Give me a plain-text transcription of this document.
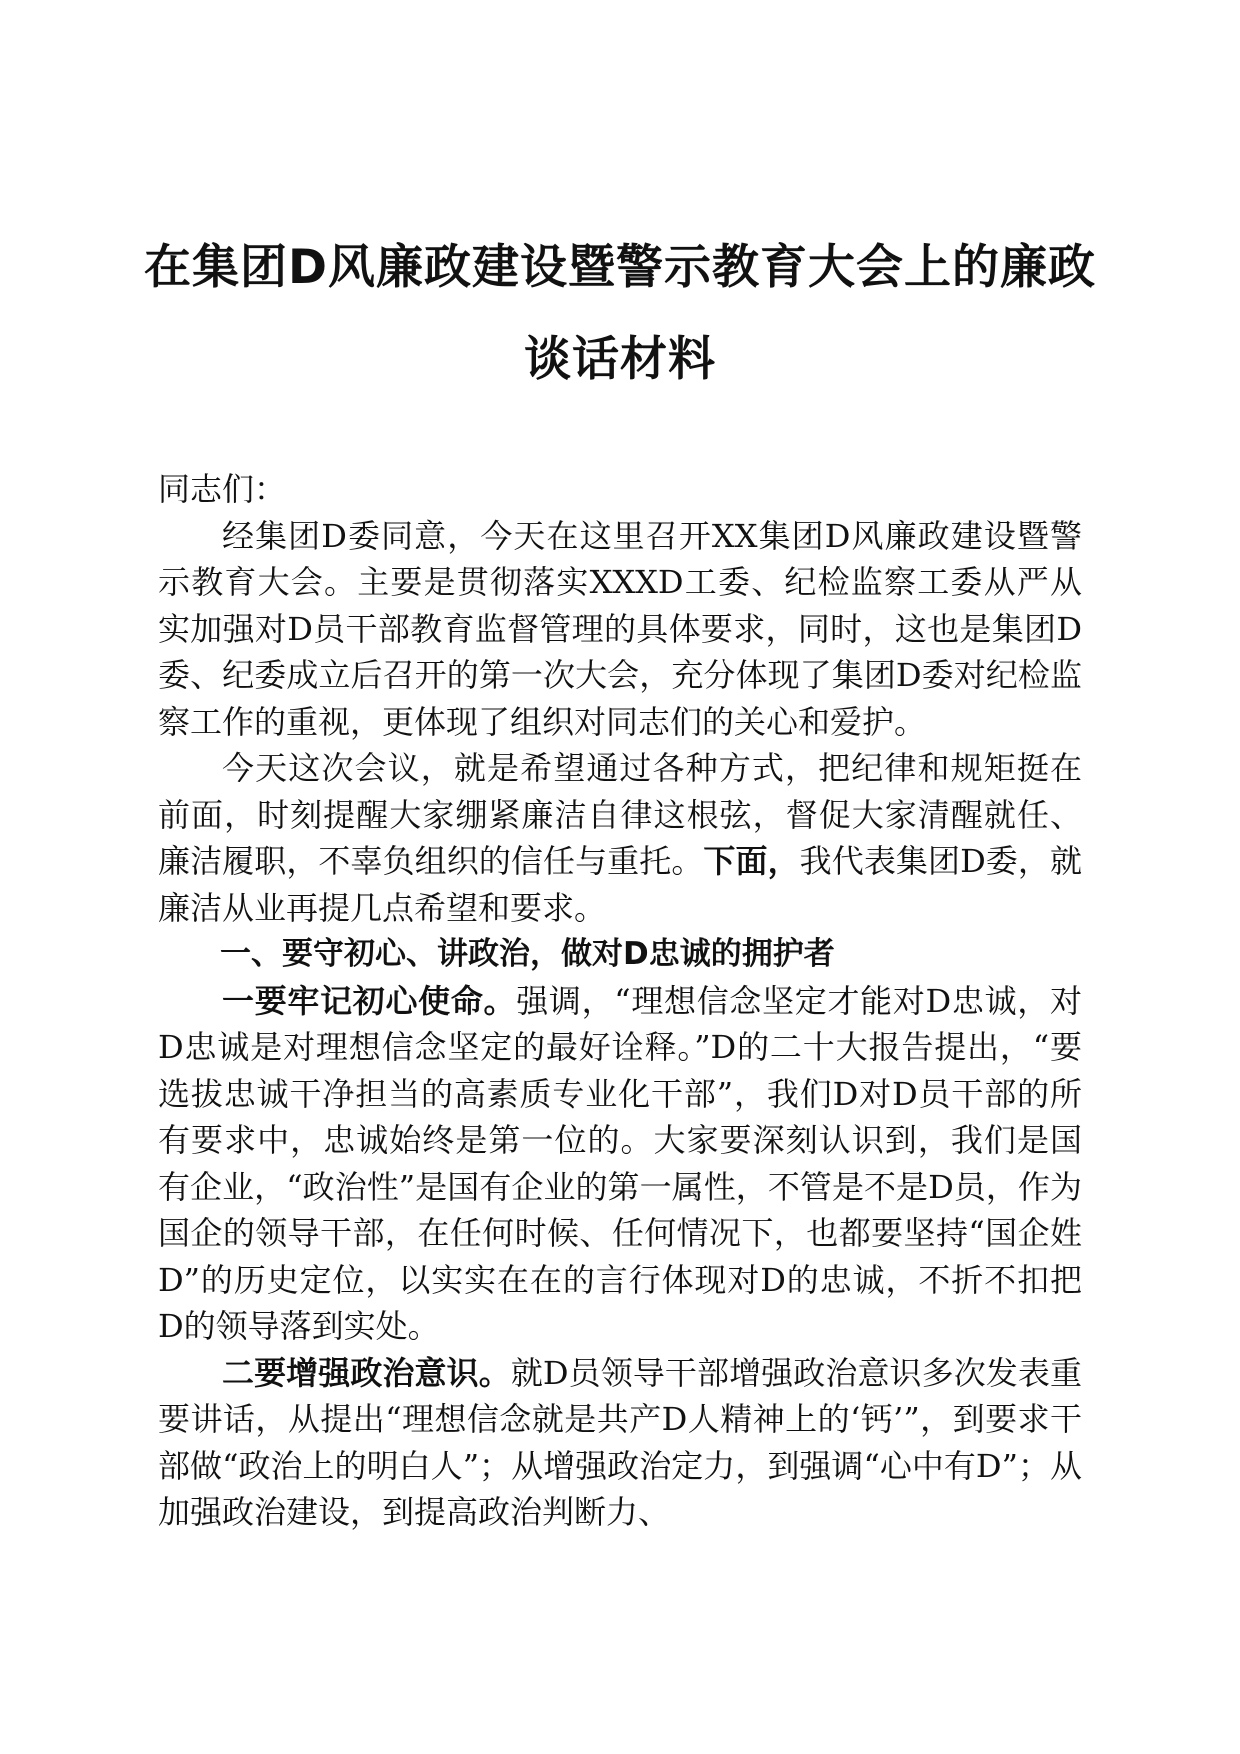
在集团D风廉政建设暨警示教育大会上的廉政谈话材料

同志们：

经集团D委同意，今天在这里召开XX集团D风廉政建设暨警示教育大会。主要是贯彻落实XXXD工委、纪检监察工委从严从实加强对D员干部教育监督管理的具体要求，同时，这也是集团D委、纪委成立后召开的第一次大会，充分体现了集团D委对纪检监察工作的重视，更体现了组织对同志们的关心和爱护。

今天这次会议，就是希望通过各种方式，把纪律和规矩挺在前面，时刻提醒大家绷紧廉洁自律这根弦，督促大家清醒就任、廉洁履职，不辜负组织的信任与重托。下面，我代表集团D委，就廉洁从业再提几点希望和要求。

一、要守初心、讲政治，做对D忠诚的拥护者

一要牢记初心使命。强调，“理想信念坚定才能对D忠诚，对D忠诚是对理想信念坚定的最好诠释。”D的二十大报告提出，“要选拔忠诚干净担当的高素质专业化干部”，我们D对D员干部的所有要求中，忠诚始终是第一位的。大家要深刻认识到，我们是国有企业，“政治性”是国有企业的第一属性，不管是不是D员，作为国企的领导干部，在任何时候、任何情况下，也都要坚持“国企姓D”的历史定位，以实实在在的言行体现对D的忠诚，不折不扣把D的领导落到实处。

二要增强政治意识。就D员领导干部增强政治意识多次发表重要讲话，从提出“理想信念就是共产D人精神上的‘钙’”，到要求干部做“政治上的明白人”；从增强政治定力，到强调“心中有D”；从加强政治建设，到提高政治判断力、
